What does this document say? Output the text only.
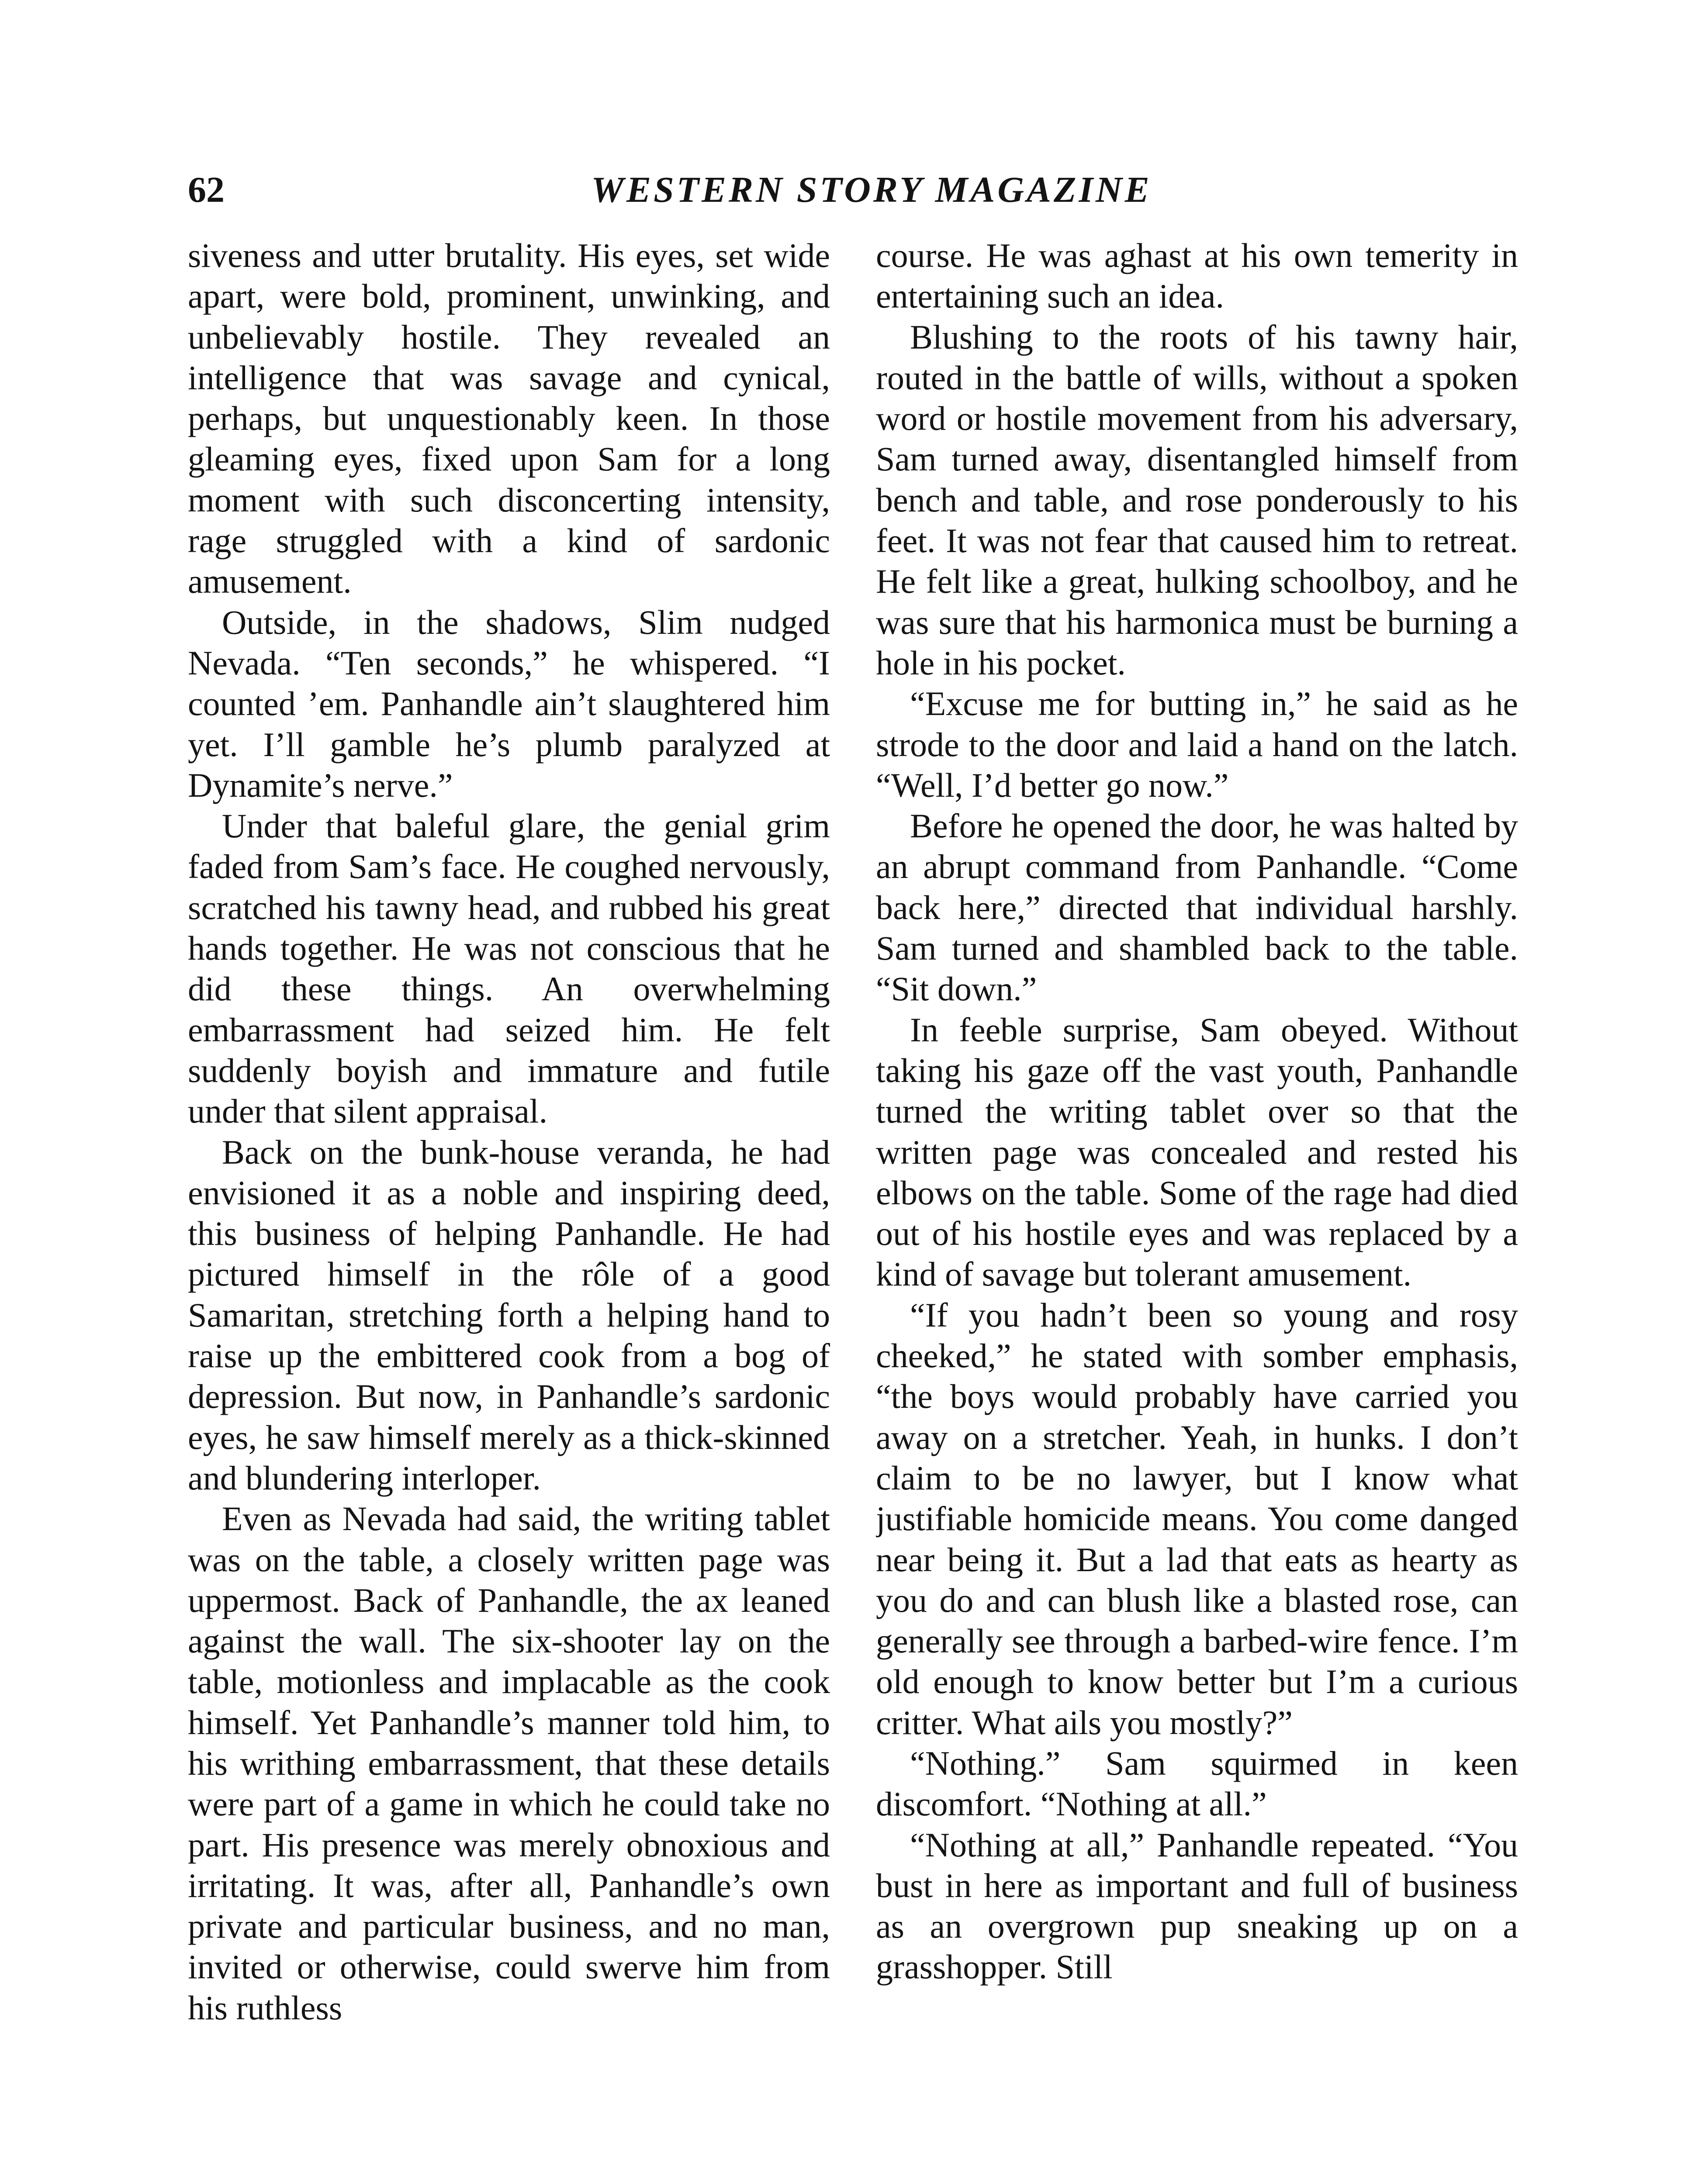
62	WESTERN STORY MAGAZINE

siveness and utter brutality. His eyes, set wide apart, were bold, prominent, unwinking, and unbelievably hostile. They revealed an intelligence that was savage and cynical, perhaps, but unquestionably keen. In those gleaming eyes, fixed upon Sam for a long moment with such disconcerting intensity, rage struggled with a kind of sardonic amusement.

Outside, in the shadows, Slim nudged Nevada. “Ten seconds,” he whispered. “I counted ’em. Panhandle ain’t slaughtered him yet. I’ll gamble he’s plumb paralyzed at Dynamite’s nerve.”

Under that baleful glare, the genial grim faded from Sam’s face. He coughed nervously, scratched his tawny head, and rubbed his great hands together. He was not conscious that he did these things. An overwhelming embarrassment had seized him. He felt suddenly boyish and immature and futile under that silent appraisal.

Back on the bunk-house veranda, he had envisioned it as a noble and inspiring deed, this business of helping Panhandle. He had pictured himself in the rôle of a good Samaritan, stretching forth a helping hand to raise up the embittered cook from a bog of depression. But now, in Panhandle’s sardonic eyes, he saw himself merely as a thick-skinned and blundering interloper.

Even as Nevada had said, the writing tablet was on the table, a closely written page was uppermost. Back of Panhandle, the ax leaned against the wall. The six-shooter lay on the table, motionless and implacable as the cook himself. Yet Panhandle’s manner told him, to his writhing embarrassment, that these details were part of a game in which he could take no part. His presence was merely obnoxious and irritating. It was, after all, Panhandle’s own private and particular business, and no man, invited or otherwise, could swerve him from his ruthless

course. He was aghast at his own temerity in entertaining such an idea.

Blushing to the roots of his tawny hair, routed in the battle of wills, without a spoken word or hostile movement from his adversary, Sam turned away, disentangled himself from bench and table, and rose ponderously to his feet. It was not fear that caused him to retreat. He felt like a great, hulking schoolboy, and he was sure that his harmonica must be burning a hole in his pocket.

“Excuse me for butting in,” he said as he strode to the door and laid a hand on the latch. “Well, I’d better go now.”

Before he opened the door, he was halted by an abrupt command from Panhandle. “Come back here,” directed that individual harshly. Sam turned and shambled back to the table. “Sit down.”

In feeble surprise, Sam obeyed. Without taking his gaze off the vast youth, Panhandle turned the writing tablet over so that the written page was concealed and rested his elbows on the table. Some of the rage had died out of his hostile eyes and was replaced by a kind of savage but tolerant amusement.

“If you hadn’t been so young and rosy cheeked,” he stated with somber emphasis, “the boys would probably have carried you away on a stretcher. Yeah, in hunks. I don’t claim to be no lawyer, but I know what justifiable homicide means. You come danged near being it. But a lad that eats as hearty as you do and can blush like a blasted rose, can generally see through a barbed-wire fence. I’m old enough to know better but I’m a curious critter. What ails you mostly?”

“Nothing.” Sam squirmed in keen discomfort. “Nothing at all.”

“Nothing at all,” Panhandle repeated. “You bust in here as important and full of business as an overgrown pup sneaking up on a grasshopper. Still
